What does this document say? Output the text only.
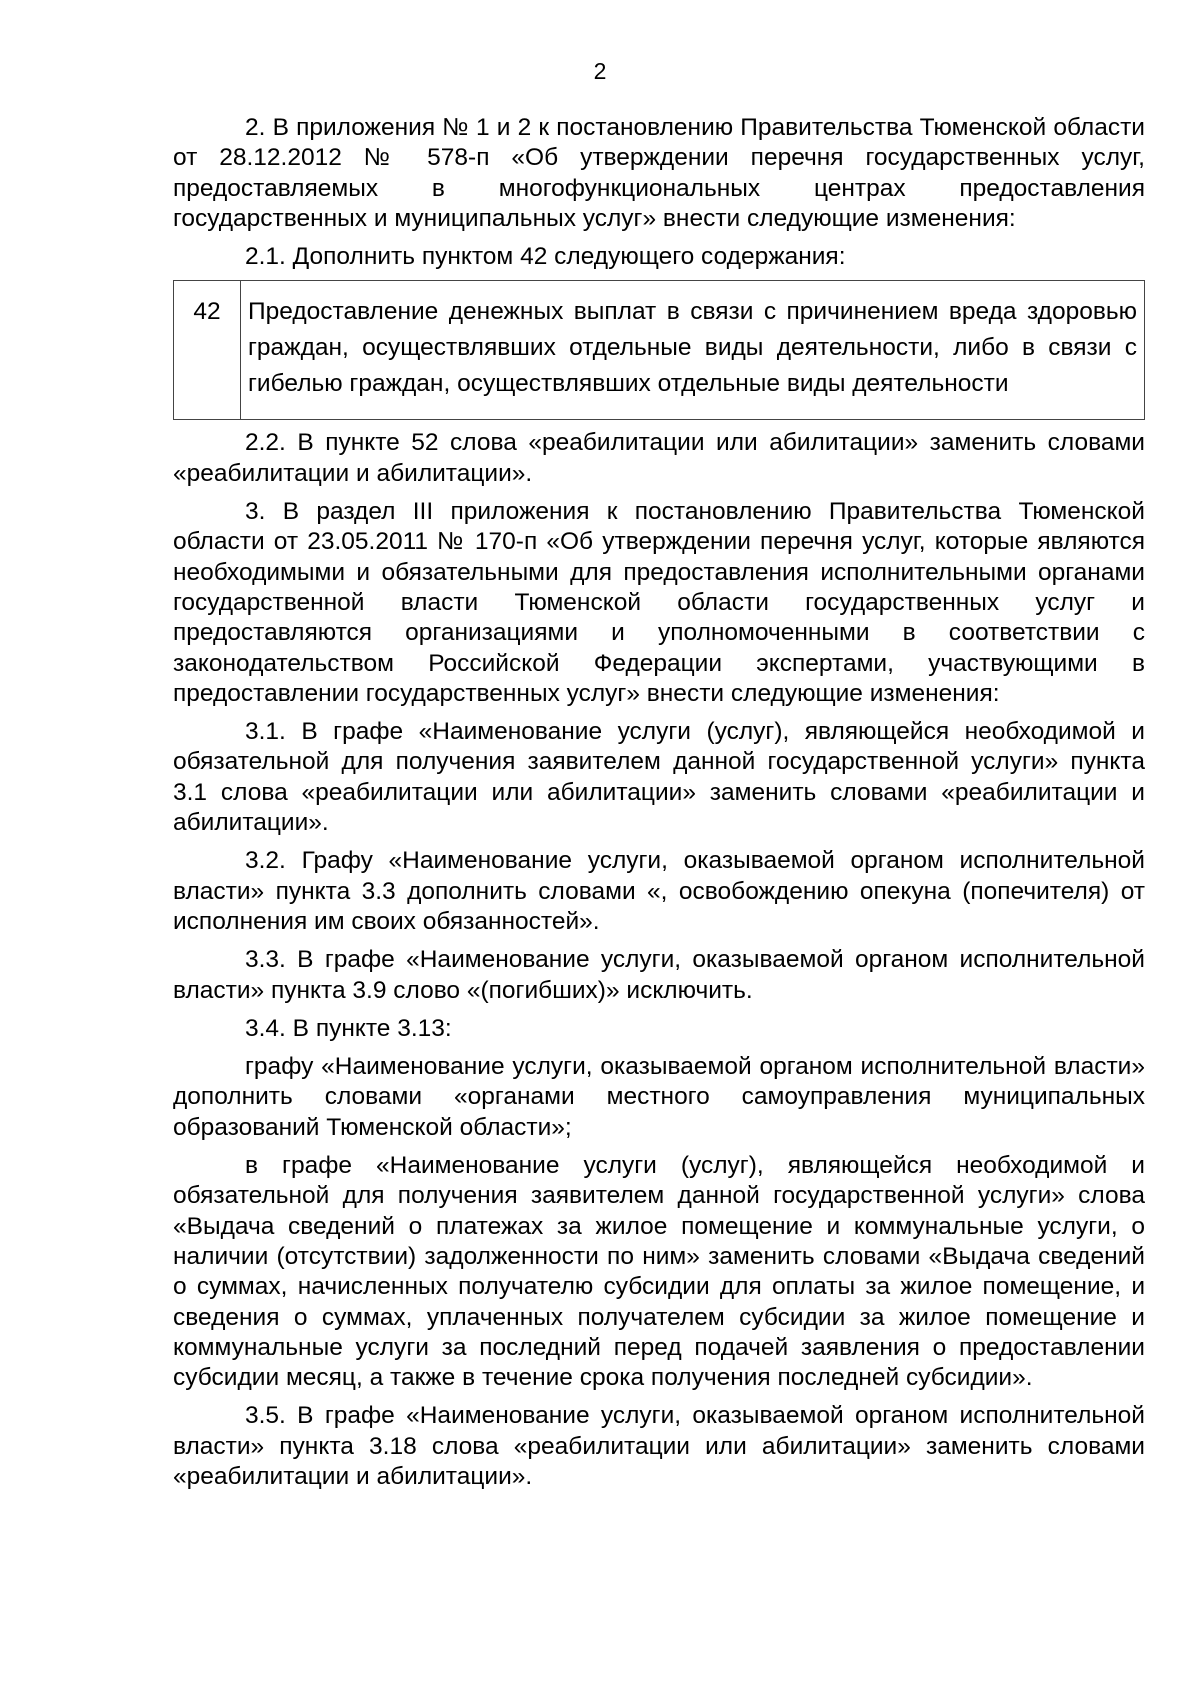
2

2. В приложения № 1 и 2 к постановлению Правительства Тюменской области от 28.12.2012 № 578-п «Об утверждении перечня государственных услуг, предоставляемых в многофункциональных центрах предоставления государственных и муниципальных услуг» внести следующие изменения:

2.1. Дополнить пунктом 42 следующего содержания:

42	Предоставление денежных выплат в связи с причинением вреда здоровью граждан, осуществлявших отдельные виды деятельности, либо в связи с гибелью граждан, осуществлявших отдельные виды деятельности

2.2. В пункте 52 слова «реабилитации или абилитации» заменить словами «реабилитации и абилитации».

3. В раздел III приложения к постановлению Правительства Тюменской области от 23.05.2011 № 170-п «Об утверждении перечня услуг, которые являются необходимыми и обязательными для предоставления исполнительными органами государственной власти Тюменской области государственных услуг и предоставляются организациями и уполномоченными в соответствии с законодательством Российской Федерации экспертами, участвующими в предоставлении государственных услуг» внести следующие изменения:

3.1. В графе «Наименование услуги (услуг), являющейся необходимой и обязательной для получения заявителем данной государственной услуги» пункта 3.1 слова «реабилитации или абилитации» заменить словами «реабилитации и абилитации».

3.2. Графу «Наименование услуги, оказываемой органом исполнительной власти» пункта 3.3 дополнить словами «, освобождению опекуна (попечителя) от исполнения им своих обязанностей».

3.3. В графе «Наименование услуги, оказываемой органом исполнительной власти» пункта 3.9 слово «(погибших)» исключить.

3.4. В пункте 3.13:

графу «Наименование услуги, оказываемой органом исполнительной власти» дополнить словами «органами местного самоуправления муниципальных образований Тюменской области»;

в графе «Наименование услуги (услуг), являющейся необходимой и обязательной для получения заявителем данной государственной услуги» слова «Выдача сведений о платежах за жилое помещение и коммунальные услуги, о наличии (отсутствии) задолженности по ним» заменить словами «Выдача сведений о суммах, начисленных получателю субсидии для оплаты за жилое помещение, и сведения о суммах, уплаченных получателем субсидии за жилое помещение и коммунальные услуги за последний перед подачей заявления о предоставлении субсидии месяц, а также в течение срока получения последней субсидии».

3.5. В графе «Наименование услуги, оказываемой органом исполнительной власти» пункта 3.18 слова «реабилитации или абилитации» заменить словами «реабилитации и абилитации».
